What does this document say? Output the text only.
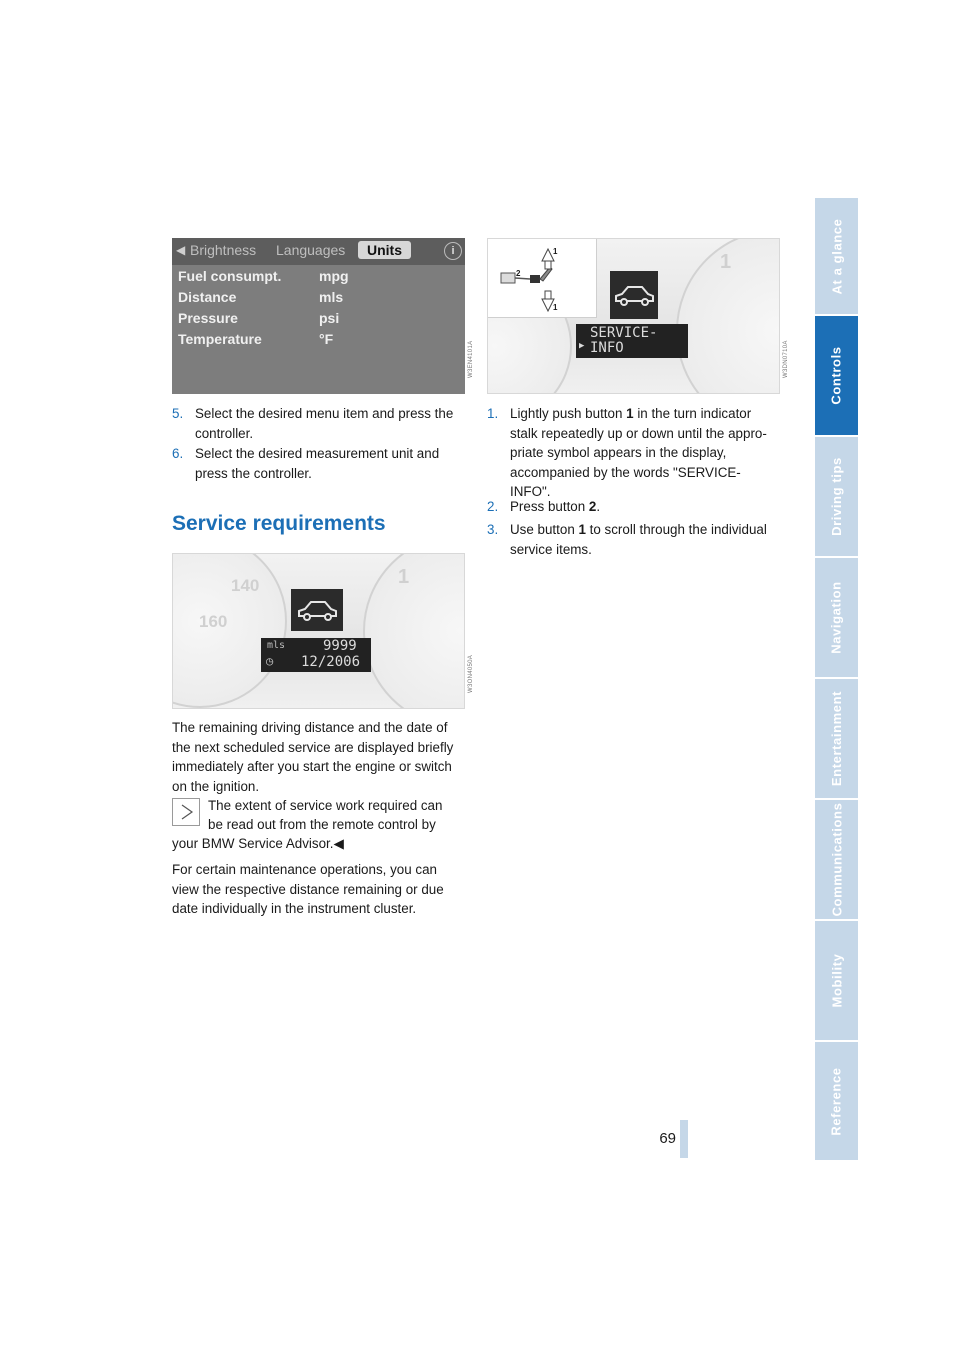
At a glance
Controls
Driving tips
Navigation
Entertainment
Communications
Mobility
Reference
◀ Brightness Languages	Units	i
Fuel consumpt.	mpg
Distance	mls
Pressure	psi
Temperature	°F
W3EN4101A
1
1
2
1
SERVICE-
▶ INFO	W3DN0710A
5. Select the desired menu item and press the
controller.
6. Select the desired measurement unit and
press the controller.
Service requirements
140
160
1
mls	9999
◷ 12/2006	W3ON4050A
The remaining driving distance and the date of
the next scheduled service are displayed briefly
immediately after you start the engine or switch
on the ignition.
The extent of service work required can
be read out from the remote control by
your BMW Service Advisor.◀
For certain maintenance operations, you can
view the respective distance remaining or due
date individually in the instrument cluster.
1. Lightly push button 1 in the turn indicator
stalk repeatedly up or down until the appro-
priate symbol appears in the display,
accompanied by the words "SERVICE-
INFO".
2. Press button 2.
3. Use button 1 to scroll through the individual
service items.
69
